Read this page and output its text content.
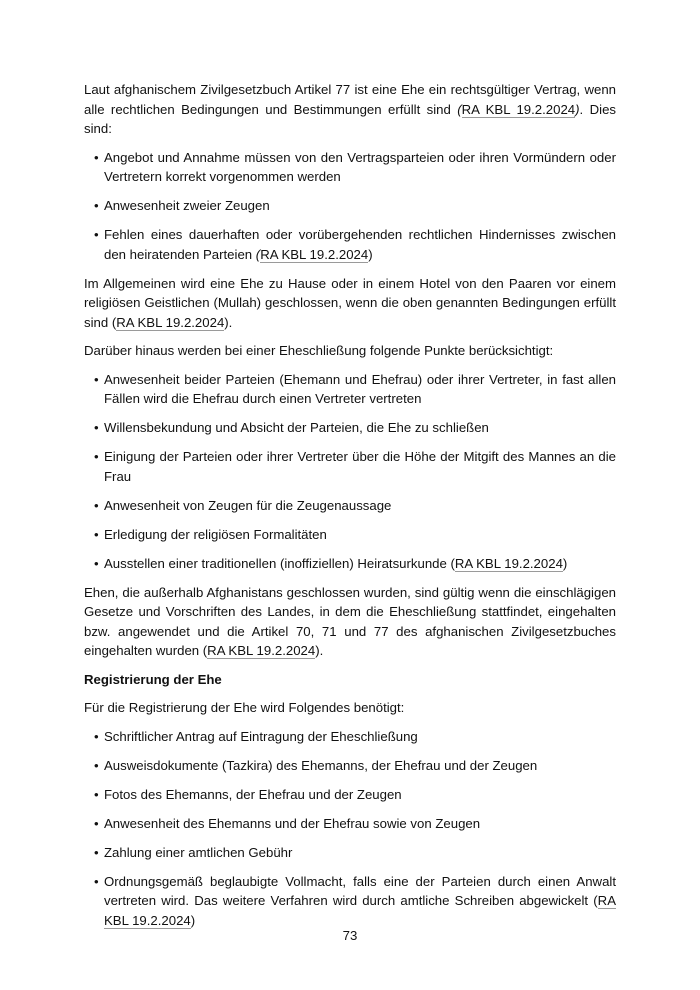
Laut afghanischem Zivilgesetzbuch Artikel 77 ist eine Ehe ein rechtsgültiger Vertrag, wenn alle rechtlichen Bedingungen und Bestimmungen erfüllt sind (RA KBL 19.2.2024). Dies sind:

• Angebot und Annahme müssen von den Vertragsparteien oder ihren Vormündern oder Vertretern korrekt vorgenommen werden
• Anwesenheit zweier Zeugen
• Fehlen eines dauerhaften oder vorübergehenden rechtlichen Hindernisses zwischen den heiratenden Parteien (RA KBL 19.2.2024)

Im Allgemeinen wird eine Ehe zu Hause oder in einem Hotel von den Paaren vor einem religiösen Geistlichen (Mullah) geschlossen, wenn die oben genannten Bedingungen erfüllt sind (RA KBL 19.2.2024).

Darüber hinaus werden bei einer Eheschließung folgende Punkte berücksichtigt:

• Anwesenheit beider Parteien (Ehemann und Ehefrau) oder ihrer Vertreter, in fast allen Fällen wird die Ehefrau durch einen Vertreter vertreten
• Willensbekundung und Absicht der Parteien, die Ehe zu schließen
• Einigung der Parteien oder ihrer Vertreter über die Höhe der Mitgift des Mannes an die Frau
• Anwesenheit von Zeugen für die Zeugenaussage
• Erledigung der religiösen Formalitäten
• Ausstellen einer traditionellen (inoffiziellen) Heiratsurkunde (RA KBL 19.2.2024)

Ehen, die außerhalb Afghanistans geschlossen wurden, sind gültig wenn die einschlägigen Gesetze und Vorschriften des Landes, in dem die Eheschließung stattfindet, eingehalten bzw. angewendet und die Artikel 70, 71 und 77 des afghanischen Zivilgesetzbuches eingehalten wurden (RA KBL 19.2.2024).

Registrierung der Ehe

Für die Registrierung der Ehe wird Folgendes benötigt:

• Schriftlicher Antrag auf Eintragung der Eheschließung
• Ausweisdokumente (Tazkira) des Ehemanns, der Ehefrau und der Zeugen
• Fotos des Ehemanns, der Ehefrau und der Zeugen
• Anwesenheit des Ehemanns und der Ehefrau sowie von Zeugen
• Zahlung einer amtlichen Gebühr
• Ordnungsgemäß beglaubigte Vollmacht, falls eine der Parteien durch einen Anwalt vertreten wird. Das weitere Verfahren wird durch amtliche Schreiben abgewickelt (RA KBL 19.2.2024)
73
